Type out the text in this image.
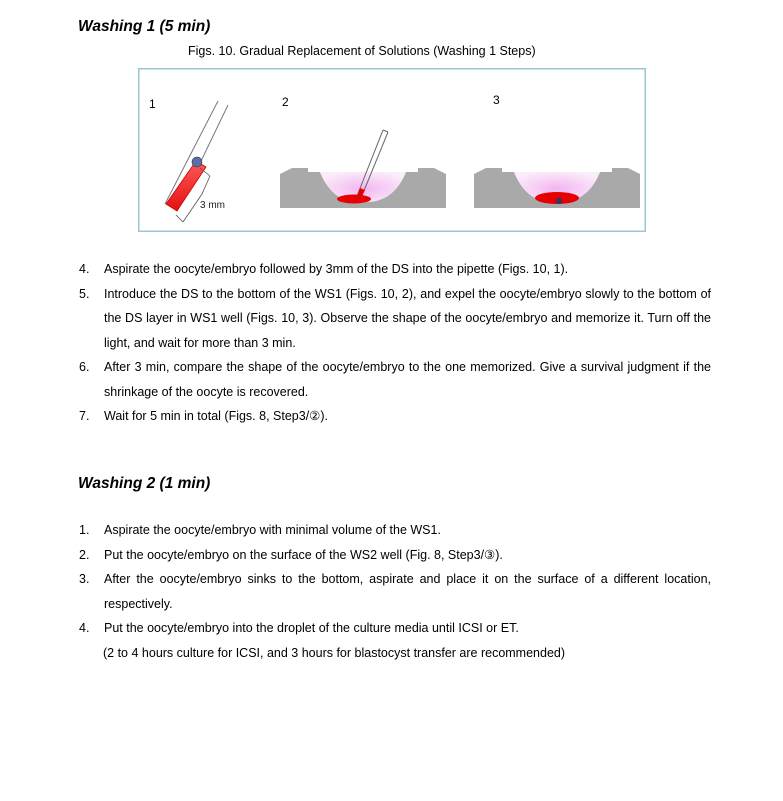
Washing 1 (5 min)
Figs. 10. Gradual Replacement of Solutions (Washing 1 Steps)
1	2	3
3 mm
4. Aspirate the oocyte/embryo followed by 3mm of the DS into the pipette (Figs. 10, 1).
5. Introduce the DS to the bottom of the WS1 (Figs. 10, 2), and expel the oocyte/embryo slowly to the bottom of the DS layer in WS1 well (Figs. 10, 3). Observe the shape of the oocyte/embryo and memorize it. Turn off the light, and wait for more than 3 min.
6. After 3 min, compare the shape of the oocyte/embryo to the one memorized. Give a survival judgment if the shrinkage of the oocyte is recovered.
7. Wait for 5 min in total (Figs. 8, Step3/②).
Washing 2 (1 min)
1. Aspirate the oocyte/embryo with minimal volume of the WS1.
2. Put the oocyte/embryo on the surface of the WS2 well (Fig. 8, Step3/③).
3. After the oocyte/embryo sinks to the bottom, aspirate and place it on the surface of a different location, respectively.
4. Put the oocyte/embryo into the droplet of the culture media until ICSI or ET.
(2 to 4 hours culture for ICSI, and 3 hours for blastocyst transfer are recommended)
